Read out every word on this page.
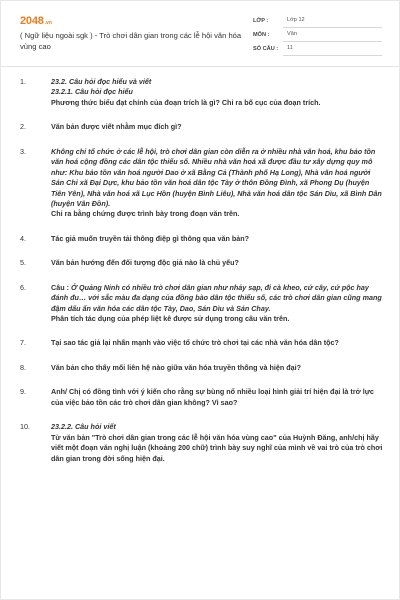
2048 .vn
( Ngữ liệu ngoài sgk ) - Trò chơi dân gian trong các lễ hội văn hóa vùng cao
LỚP :	Lớp 12
MÔN :	Văn
SỐ CÂU :	11
1.	23.2. Câu hỏi đọc hiểu và viết

23.2.1. Câu hỏi đọc hiểu

Phương thức biểu đạt chính của đoạn trích là gì? Chỉ ra bố cục của đoạn trích.

2.	Văn bản được viết nhằm mục đích gì?

3.	Không chỉ tổ chức ở các lễ hội, trò chơi dân gian còn diễn ra ở nhiều nhà văn hoá, khu bảo tồn văn hoá cộng đồng các dân tộc thiểu số. Nhiều nhà văn hoá xã được đầu tư xây dựng quy mô như: Khu bảo tồn văn hoá người Dao ở xã Bằng Cả (Thành phố Hạ Long), Nhà văn hoá người Sán Chỉ xã Đại Dực, khu bảo tồn văn hoá dân tộc Tày ở thôn Đồng Đình, xã Phong Dụ (huyện Tiên Yên), Nhà văn hoá xã Lục Hồn (huyện Bình Liêu), Nhà văn hoá dân tộc Sán Dìu, xã Bình Dân (huyện Vân Đồn).

Chỉ ra bằng chứng được trình bày trong đoạn văn trên.

4.	Tác giả muốn truyền tải thông điệp gì thông qua văn bản?

5.	Văn bản hướng đến đối tượng độc giả nào là chủ yếu?

6.	Câu : Ở Quảng Ninh có nhiều trò chơi dân gian như nhảy sạp, đi cà kheo, cứ cây, cứ pộc hay đánh đu… với sắc màu đa dạng của đồng bào dân tộc thiểu số, các trò chơi dân gian cũng mang đậm dấu ấn văn hóa các dân tộc Tày, Dao, Sán Dìu và Sán Chay.

Phân tích tác dụng của phép liệt kê được sử dụng trong câu văn trên.

7.	Tại sao tác giả lại nhấn mạnh vào việc tổ chức trò chơi tại các nhà văn hóa dân tộc?

8.	Văn bản cho thấy mối liên hệ nào giữa văn hóa truyền thống và hiện đại?

9.	Anh/ Chị có đồng tình với ý kiến cho rằng sự bùng nổ nhiều loại hình giải trí hiện đại là trở lực của việc bảo tồn các trò chơi dân gian không? Vì sao?

10.	23.2.2. Câu hỏi viết

Từ văn bản "Trò chơi dân gian trong các lễ hội văn hóa vùng cao" của Huỳnh Đăng, anh/chị hãy viết một đoạn văn nghị luận (khoảng 200 chữ) trình bày suy nghĩ của mình về vai trò của trò chơi dân gian trong đời sống hiện đại.
